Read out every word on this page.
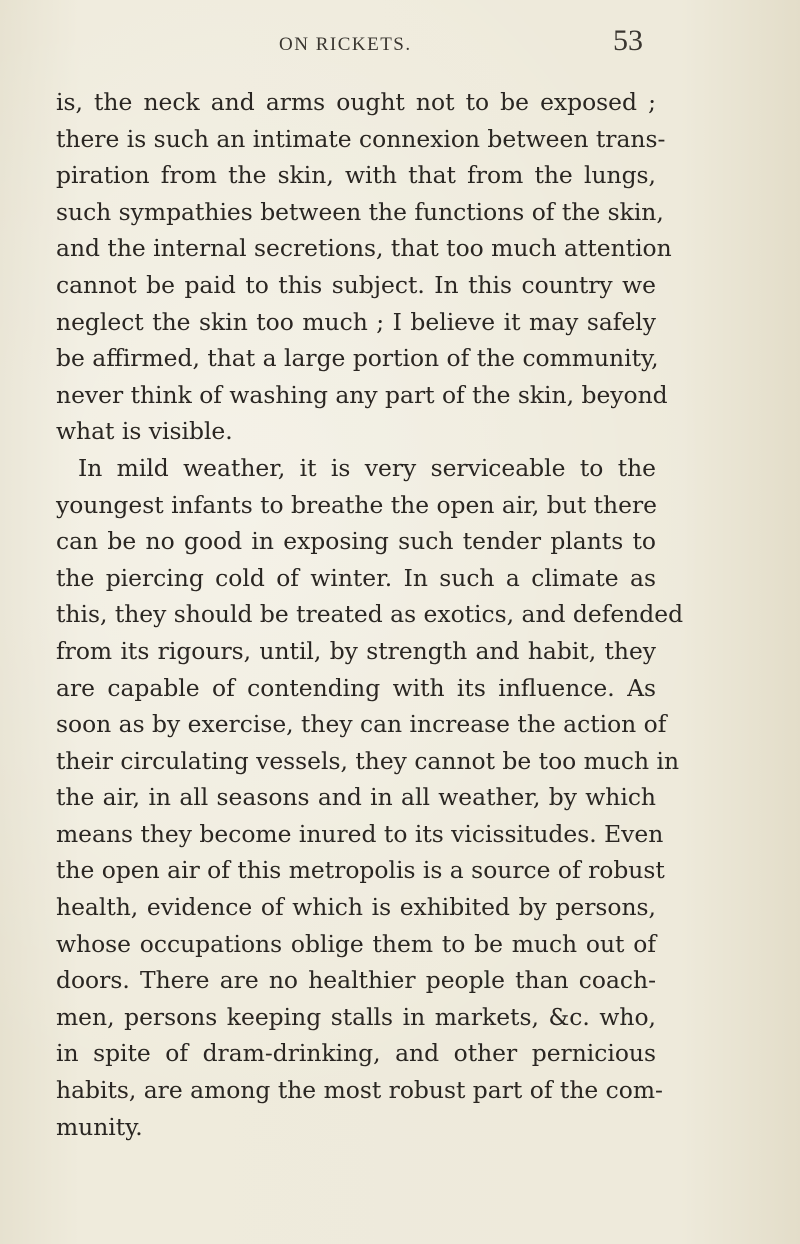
ON RICKETS.	53
is, the neck and arms ought not to be exposed ;
there is such an intimate connexion between trans-
piration from the skin, with that from the lungs,
such sympathies between the functions of the skin,
and the internal secretions, that too much attention
cannot be paid to this subject. In this country we
neglect the skin too much ; I believe it may safely
be affirmed, that a large portion of the community,
never think of washing any part of the skin, beyond
what is visible.
In mild weather, it is very serviceable to the
youngest infants to breathe the open air, but there
can be no good in exposing such tender plants to
the piercing cold of winter. In such a climate as
this, they should be treated as exotics, and defended
from its rigours, until, by strength and habit, they
are capable of contending with its influence. As
soon as by exercise, they can increase the action of
their circulating vessels, they cannot be too much in
the air, in all seasons and in all weather, by which
means they become inured to its vicissitudes. Even
the open air of this metropolis is a source of robust
health, evidence of which is exhibited by persons,
whose occupations oblige them to be much out of
doors. There are no healthier people than coach-
men, persons keeping stalls in markets, &c. who,
in spite of dram-drinking, and other pernicious
habits, are among the most robust part of the com-
munity.
